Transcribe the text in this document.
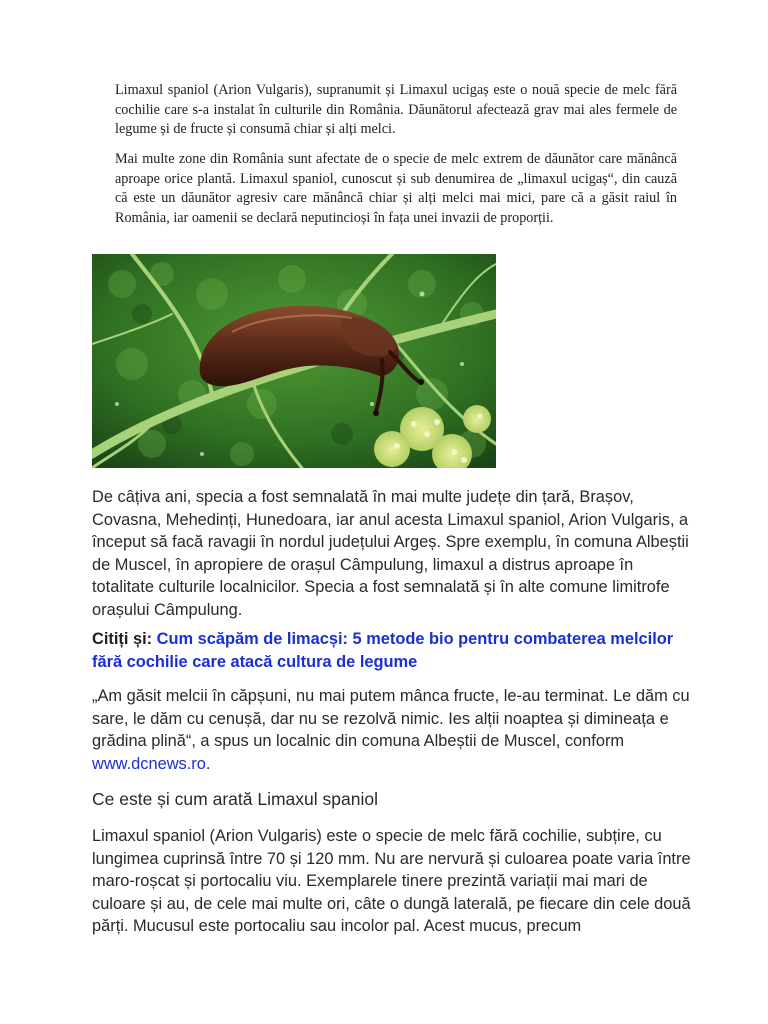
Limaxul spaniol (Arion Vulgaris), supranumit și Limaxul ucigaș este o nouă specie de melc fără cochilie care s-a instalat în culturile din România. Dăunătorul afectează grav mai ales fermele de legume și de fructe și consumă chiar și alți melci.

Mai multe zone din România sunt afectate de o specie de melc extrem de dăunător care mănâncă aproape orice plantă. Limaxul spaniol, cunoscut și sub denumirea de „limaxul ucigaș“, din cauză că este un dăunător agresiv care mănâncă chiar și alți melci mai mici, pare că a găsit raiul în România, iar oamenii se declară neputincioși în fața unei invazii de proporții.

De câțiva ani, specia a fost semnalată în mai multe județe din țară, Brașov, Covasna, Mehedinți, Hunedoara, iar anul acesta Limaxul spaniol, Arion Vulgaris, a început să facă ravagii în nordul județului Argeș. Spre exemplu, în comuna Albeștii de Muscel, în apropiere de orașul Câmpulung, limaxul a distrus aproape în totalitate culturile localnicilor. Specia a fost semnalată și în alte comune limitrofe orașului Câmpulung.

Citiți și: Cum scăpăm de limacși: 5 metode bio pentru combaterea melcilor fără cochilie care atacă cultura de legume

„Am găsit melcii în căpșuni, nu mai putem mânca fructe, le-au terminat. Le dăm cu sare, le dăm cu cenușă, dar nu se rezolvă nimic. Ies alții noaptea și dimineața e grădina plină“, a spus un localnic din comuna Albeștii de Muscel, conform www.dcnews.ro.

Ce este și cum arată Limaxul spaniol

Limaxul spaniol (Arion Vulgaris) este o specie de melc fără cochilie, subțire, cu lungimea cuprinsă între 70 și 120 mm. Nu are nervură și culoarea poate varia între maro-roșcat și portocaliu viu. Exemplarele tinere prezintă variații mai mari de culoare și au, de cele mai multe ori, câte o dungă laterală, pe fiecare din cele două părți. Mucusul este portocaliu sau incolor pal. Acest mucus, precum
